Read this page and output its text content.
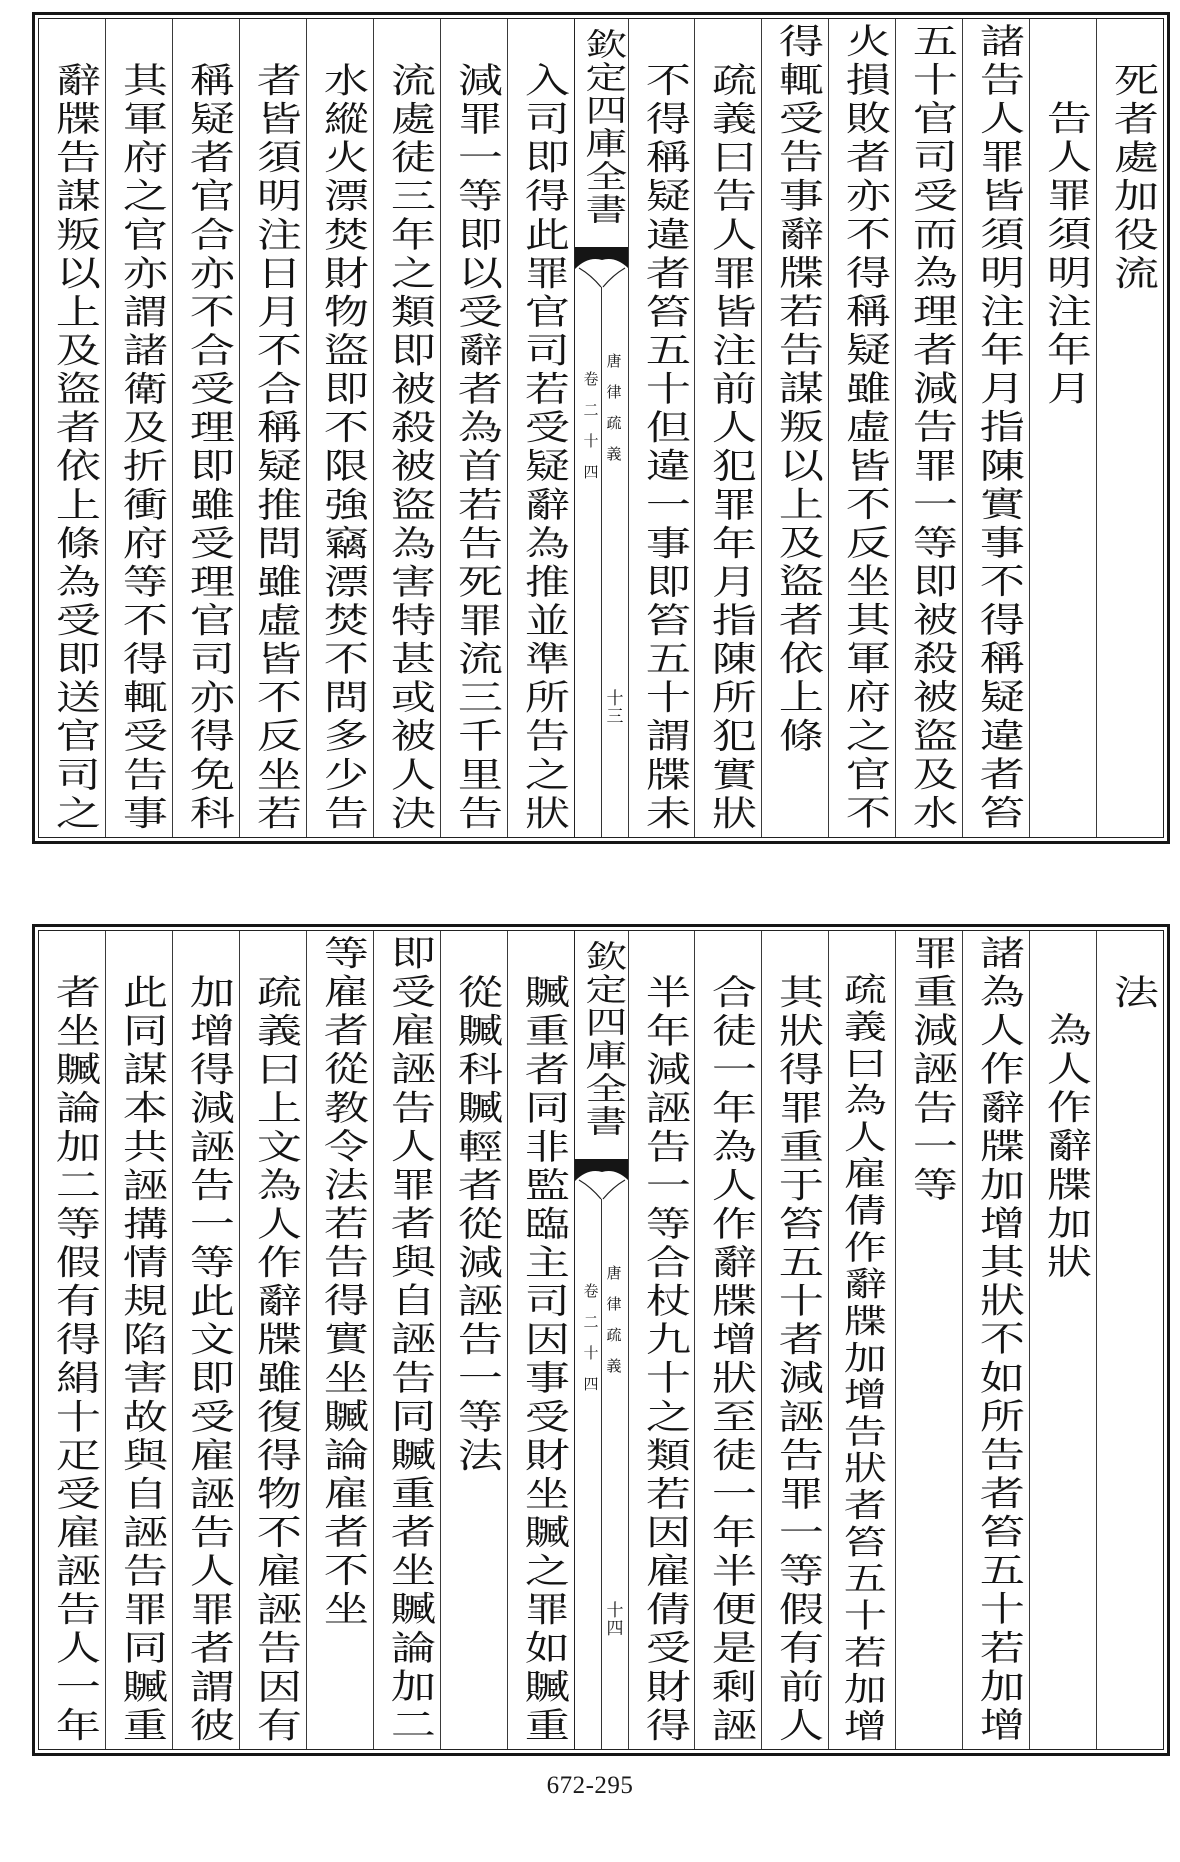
死者處加役流
告人罪須明注年月
諸告人罪皆須明注年月指陳實事不得稱疑違者笞
五十官司受而為理者減告罪一等即被殺被盜及水
火損敗者亦不得稱疑雖虛皆不反坐其軍府之官不
得輒受告事辭牒若告謀叛以上及盜者依上條
疏義曰告人罪皆注前人犯罪年月指陳所犯實狀
不得稱疑違者笞五十但違一事即笞五十謂牒未
欽定四庫全書
唐律疏義
卷二十四
十三
入司即得此罪官司若受疑辭為推並準所告之狀
減罪一等即以受辭者為首若告死罪流三千里告
流處徒三年之類即被殺被盜為害特甚或被人決
水縱火漂焚財物盜即不限強竊漂焚不問多少告
者皆須明注日月不合稱疑推問雖虛皆不反坐若
稱疑者官合亦不合受理即雖受理官司亦得免科
其軍府之官亦謂諸衛及折衝府等不得輒受告事
辭牒告謀叛以上及盜者依上條為受即送官司之
法
為人作辭牒加狀
諸為人作辭牒加增其狀不如所告者笞五十若加增
罪重減誣告一等
疏義曰為人雇倩作辭牒加增告狀者笞五十若加增
其狀得罪重于笞五十者減誣告罪一等假有前人
合徒一年為人作辭牒增狀至徒一年半便是剩誣
半年減誣告一等合杖九十之類若因雇倩受財得
欽定四庫全書
唐律疏義
卷二十四
十四
贓重者同非監臨主司因事受財坐贓之罪如贓重
從贓科贓輕者從減誣告一等法
即受雇誣告人罪者與自誣告同贓重者坐贓論加二
等雇者從教令法若告得實坐贓論雇者不坐
疏義曰上文為人作辭牒雖復得物不雇誣告因有
加增得減誣告一等此文即受雇誣告人罪者謂彼
此同謀本共誣搆情規陷害故與自誣告罪同贓重
者坐贓論加二等假有得絹十疋受雇誣告人一年
672-295
